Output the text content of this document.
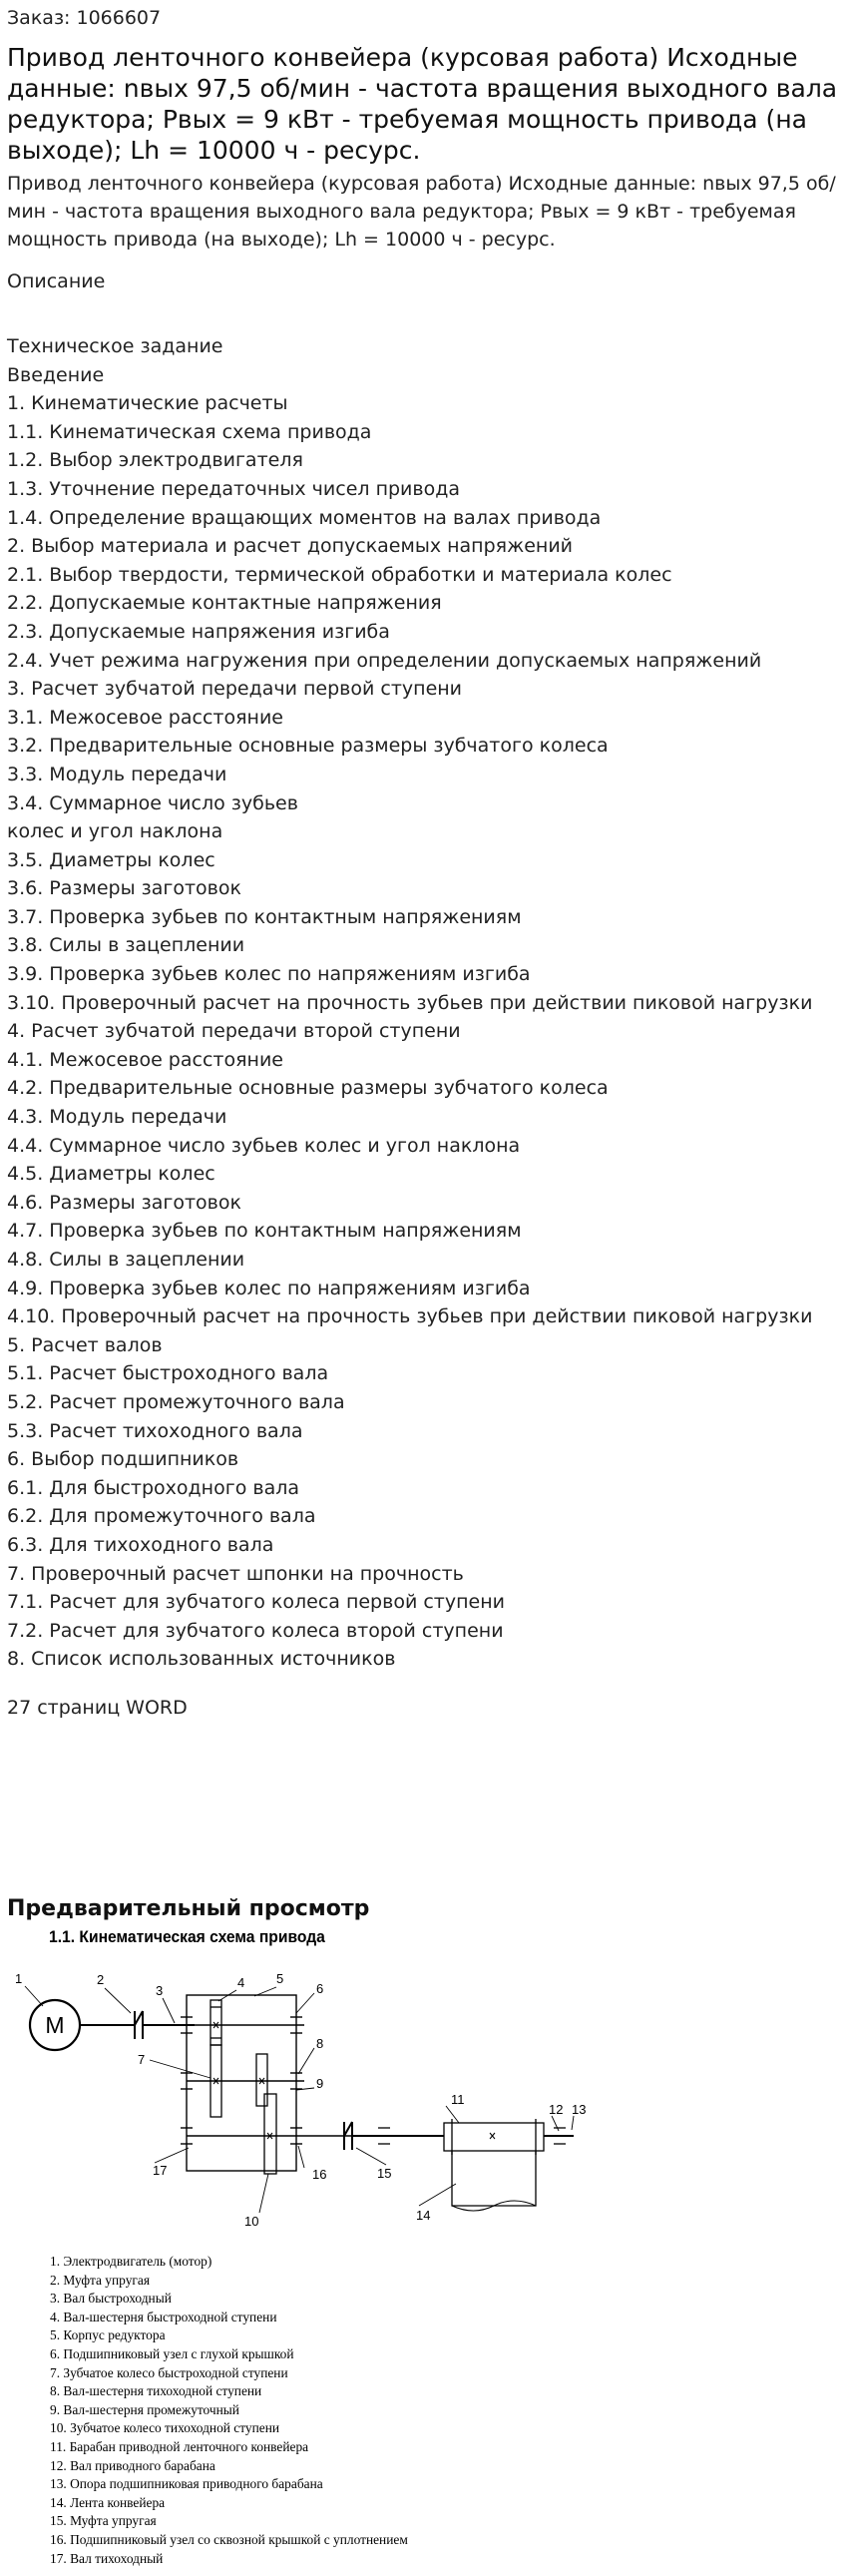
Заказ: 1066607
Привод ленточного конвейера (курсовая работа) Исходные данные: nвых 97,5 об/мин - частота вращения выходного вала редуктора; Pвых = 9 кВт - требуемая мощность привода (на выходе); Lh = 10000 ч - ресурс.
Привод ленточного конвейера (курсовая работа) Исходные данные: nвых 97,5 об/мин - частота вращения выходного вала редуктора; Pвых = 9 кВт - требуемая мощность привода (на выходе); Lh = 10000 ч - ресурс.
Описание
Техническое задание
Введение
1. Кинематические расчеты
1.1. Кинематическая схема привода
1.2. Выбор электродвигателя
1.3. Уточнение передаточных чисел привода
1.4. Определение вращающих моментов на валах привода
2. Выбор материала и расчет допускаемых напряжений
2.1. Выбор твердости, термической обработки и материала колес
2.2. Допускаемые контактные напряжения
2.3. Допускаемые напряжения изгиба
2.4. Учет режима нагружения при определении допускаемых напряжений
3. Расчет зубчатой передачи первой ступени
3.1. Межосевое расстояние
3.2. Предварительные основные размеры зубчатого колеса
3.3. Модуль передачи
3.4. Суммарное число зубьев
колес и угол наклона
3.5. Диаметры колес
3.6. Размеры заготовок
3.7. Проверка зубьев по контактным напряжениям
3.8. Силы в зацеплении
3.9. Проверка зубьев колес по напряжениям изгиба
3.10. Проверочный расчет на прочность зубьев при действии пиковой нагрузки
4. Расчет зубчатой передачи второй ступени
4.1. Межосевое расстояние
4.2. Предварительные основные размеры зубчатого колеса
4.3. Модуль передачи
4.4. Суммарное число зубьев колес и угол наклона
4.5. Диаметры колес
4.6. Размеры заготовок
4.7. Проверка зубьев по контактным напряжениям
4.8. Силы в зацеплении
4.9. Проверка зубьев колес по напряжениям изгиба
4.10. Проверочный расчет на прочность зубьев при действии пиковой нагрузки
5. Расчет валов
5.1. Расчет быстроходного вала
5.2. Расчет промежуточного вала
5.3. Расчет тихоходного вала
6. Выбор подшипников
6.1. Для быстроходного вала
6.2. Для промежуточного вала
6.3. Для тихоходного вала
7. Проверочный расчет шпонки на прочность
7.1. Расчет для зубчатого колеса первой ступени
7.2. Расчет для зубчатого колеса второй ступени
8. Список использованных источников
27 страниц WORD
Предварительный просмотр
1.1. Кинематическая схема привода
M
1	2
3
4 5
6
7
8
9
10
11
12 13
14
15
16
17
1. Электродвигатель (мотор)
2. Муфта упругая
3. Вал быстроходный
4. Вал-шестерня быстроходной ступени
5. Корпус редуктора
6. Подшипниковый узел с глухой крышкой
7. Зубчатое колесо быстроходной ступени
8. Вал-шестерня тихоходной ступени
9. Вал-шестерня промежуточный
10. Зубчатое колесо тихоходной ступени
11. Барабан приводной ленточного конвейера
12. Вал приводного барабана
13. Опора подшипниковая приводного барабана
14. Лента конвейера
15. Муфта упругая
16. Подшипниковый узел со сквозной крышкой с уплотнением
17. Вал тихоходный
